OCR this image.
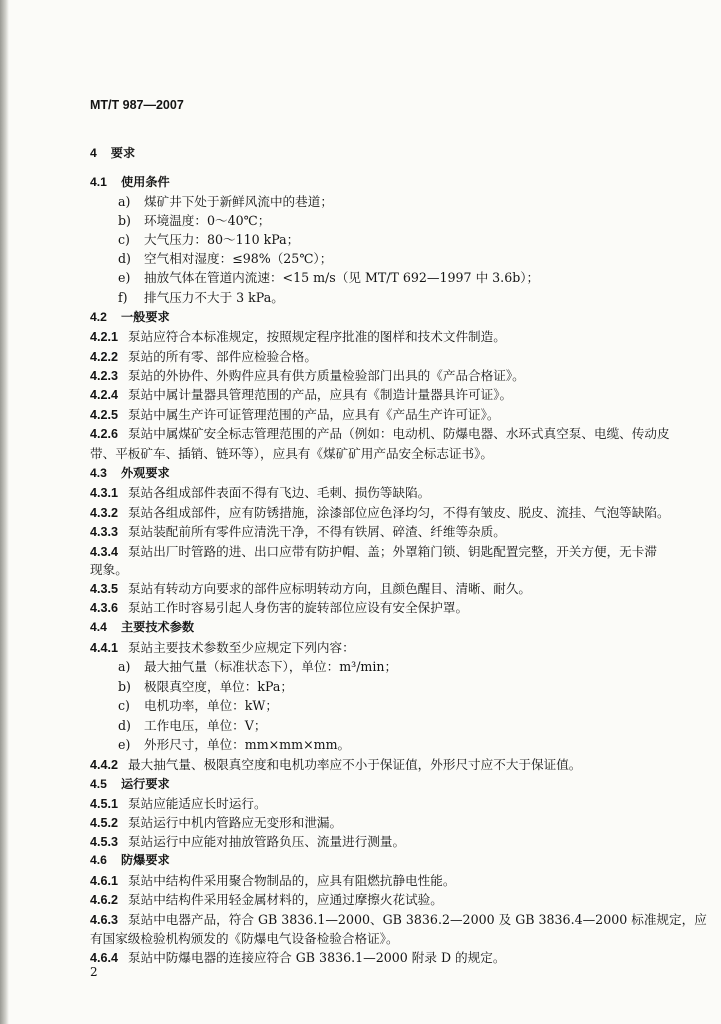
MT/T 987—2007
4 要求
4.1 使用条件
a) 煤矿井下处于新鲜风流中的巷道；
b) 环境温度：0～40℃；
c) 大气压力：80～110 kPa；
d) 空气相对湿度：≤98%（25℃）；
e) 抽放气体在管道内流速：<15 m/s（见 MT/T 692—1997 中 3.6b）；
f) 排气压力不大于 3 kPa。
4.2 一般要求
4.2.1 泵站应符合本标准规定，按照规定程序批准的图样和技术文件制造。
4.2.2 泵站的所有零、部件应检验合格。
4.2.3 泵站的外协件、外购件应具有供方质量检验部门出具的《产品合格证》。
4.2.4 泵站中属计量器具管理范围的产品，应具有《制造计量器具许可证》。
4.2.5 泵站中属生产许可证管理范围的产品，应具有《产品生产许可证》。
4.2.6 泵站中属煤矿安全标志管理范围的产品（例如：电动机、防爆电器、水环式真空泵、电缆、传动皮
带、平板矿车、插销、链环等），应具有《煤矿矿用产品安全标志证书》。
4.3 外观要求
4.3.1 泵站各组成部件表面不得有飞边、毛刺、损伤等缺陷。
4.3.2 泵站各组成部件，应有防锈措施，涂漆部位应色泽均匀，不得有皱皮、脱皮、流挂、气泡等缺陷。
4.3.3 泵站装配前所有零件应清洗干净，不得有铁屑、碎渣、纤维等杂质。
4.3.4 泵站出厂时管路的进、出口应带有防护帽、盖；外罩箱门锁、钥匙配置完整，开关方便，无卡滞
现象。
4.3.5 泵站有转动方向要求的部件应标明转动方向，且颜色醒目、清晰、耐久。
4.3.6 泵站工作时容易引起人身伤害的旋转部位应设有安全保护罩。
4.4 主要技术参数
4.4.1 泵站主要技术参数至少应规定下列内容：
a) 最大抽气量（标准状态下），单位：m³/min；
b) 极限真空度，单位：kPa；
c) 电机功率，单位：kW；
d) 工作电压，单位：V；
e) 外形尺寸，单位：mm×mm×mm。
4.4.2 最大抽气量、极限真空度和电机功率应不小于保证值，外形尺寸应不大于保证值。
4.5 运行要求
4.5.1 泵站应能适应长时运行。
4.5.2 泵站运行中机内管路应无变形和泄漏。
4.5.3 泵站运行中应能对抽放管路负压、流量进行测量。
4.6 防爆要求
4.6.1 泵站中结构件采用聚合物制品的，应具有阻燃抗静电性能。
4.6.2 泵站中结构件采用轻金属材料的，应通过摩擦火花试验。
4.6.3 泵站中电器产品，符合 GB 3836.1—2000、GB 3836.2—2000 及 GB 3836.4—2000 标准规定，应
有国家级检验机构颁发的《防爆电气设备检验合格证》。
4.6.4 泵站中防爆电器的连接应符合 GB 3836.1—2000 附录 D 的规定。
2
